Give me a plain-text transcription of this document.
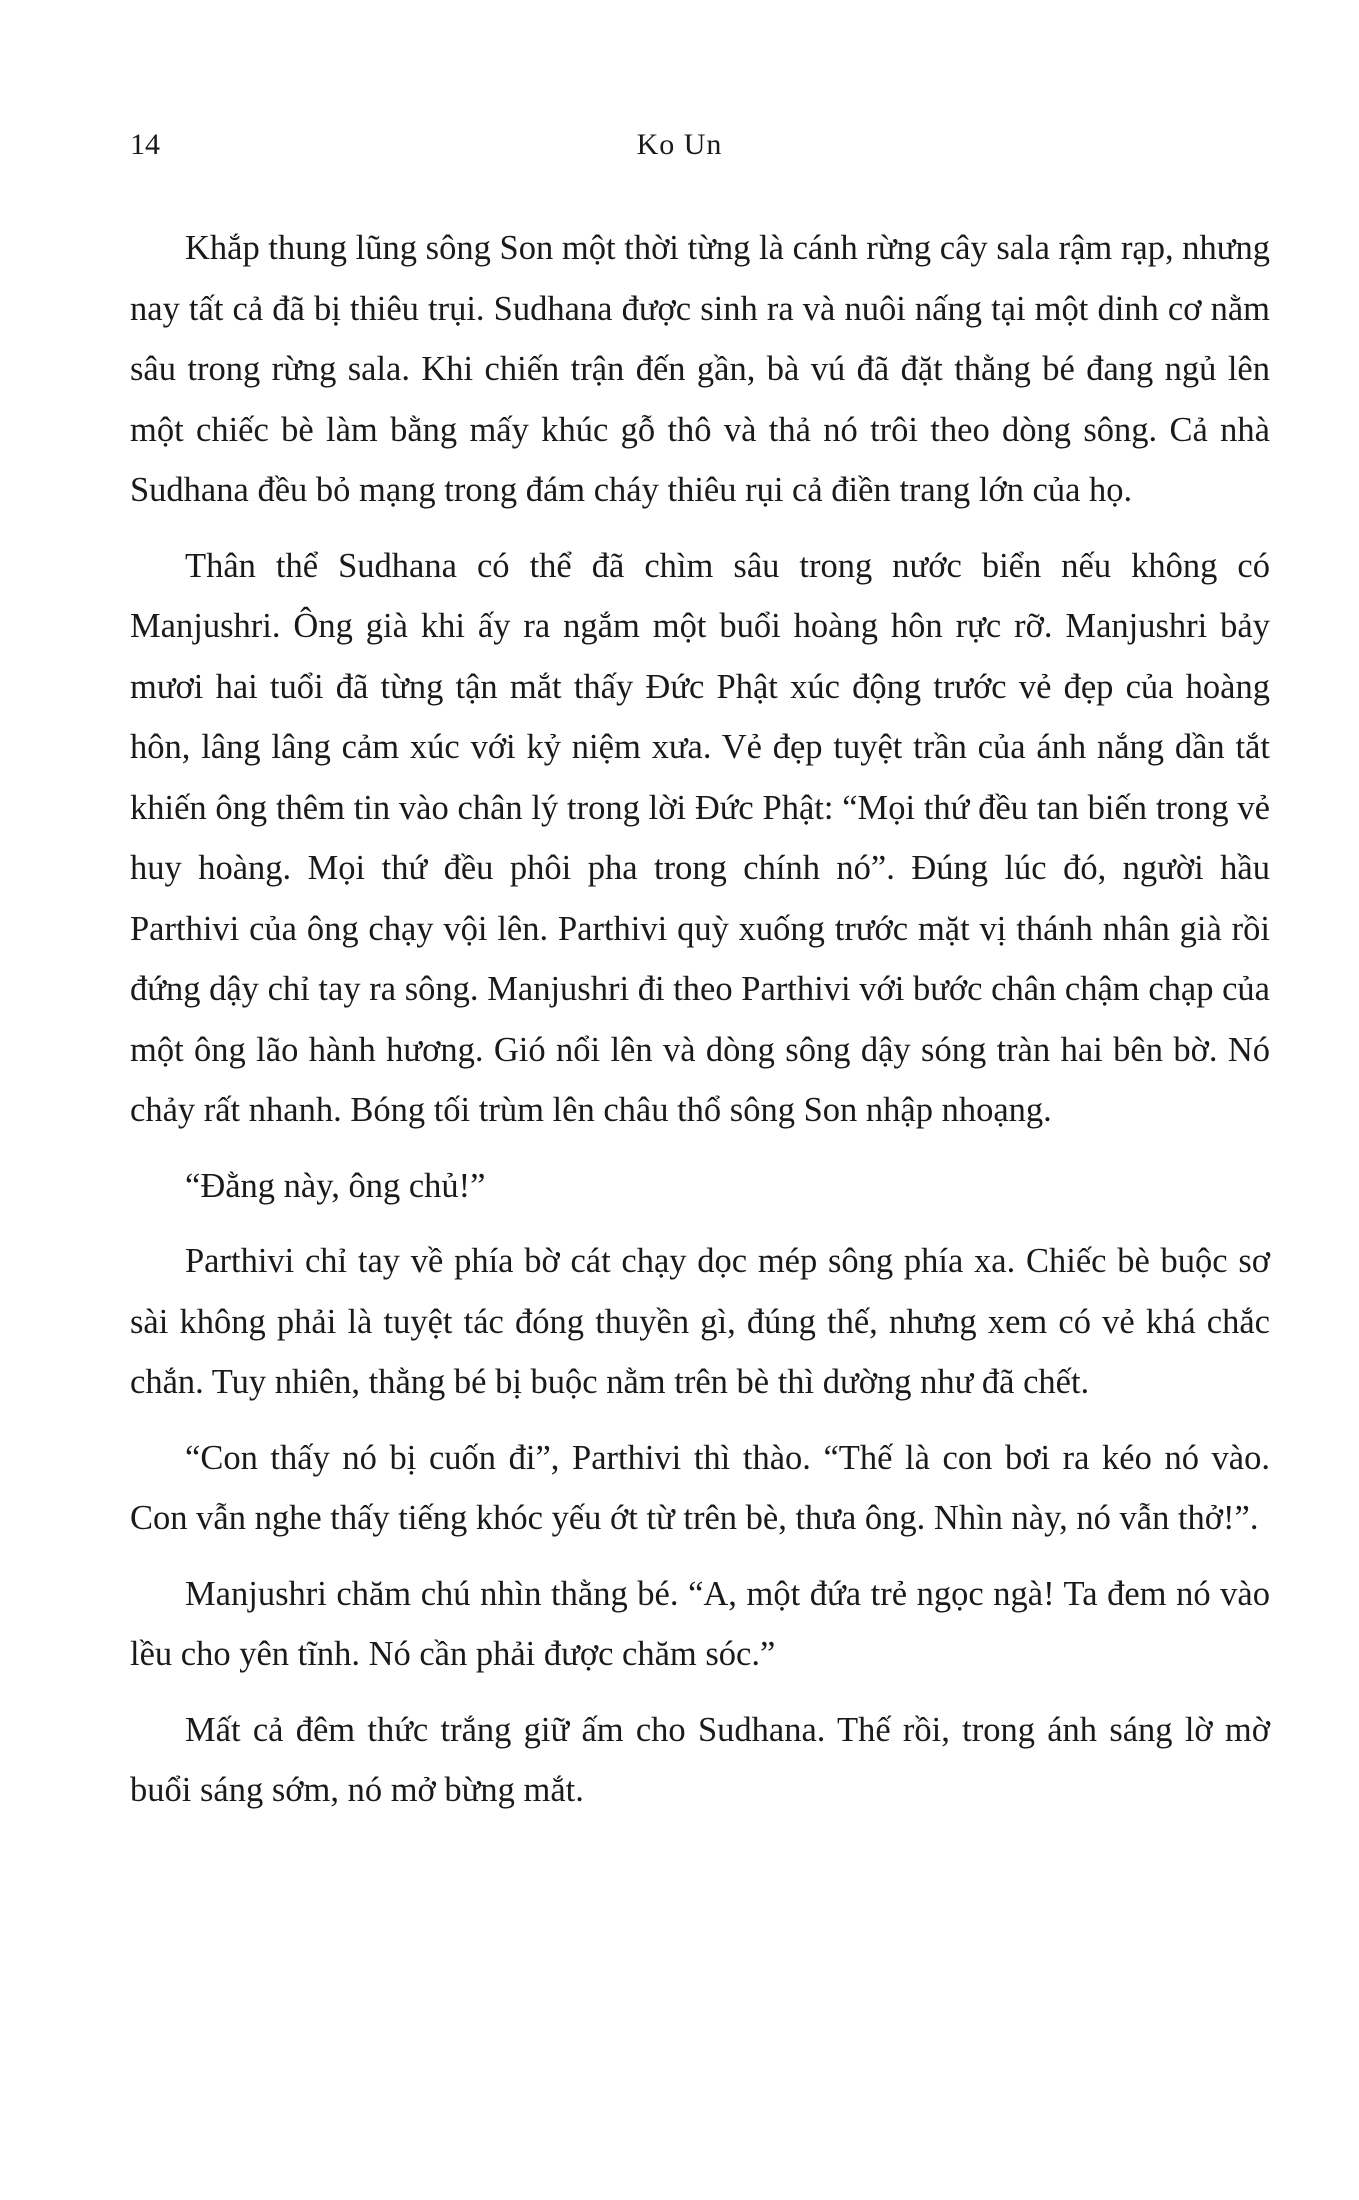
14	Ko Un

Khắp thung lũng sông Son một thời từng là cánh rừng cây sala rậm rạp, nhưng nay tất cả đã bị thiêu trụi. Sudhana được sinh ra và nuôi nấng tại một dinh cơ nằm sâu trong rừng sala. Khi chiến trận đến gần, bà vú đã đặt thằng bé đang ngủ lên một chiếc bè làm bằng mấy khúc gỗ thô và thả nó trôi theo dòng sông. Cả nhà Sudhana đều bỏ mạng trong đám cháy thiêu rụi cả điền trang lớn của họ.

Thân thể Sudhana có thể đã chìm sâu trong nước biển nếu không có Manjushri. Ông già khi ấy ra ngắm một buổi hoàng hôn rực rỡ. Manjushri bảy mươi hai tuổi đã từng tận mắt thấy Đức Phật xúc động trước vẻ đẹp của hoàng hôn, lâng lâng cảm xúc với kỷ niệm xưa. Vẻ đẹp tuyệt trần của ánh nắng dần tắt khiến ông thêm tin vào chân lý trong lời Đức Phật: “Mọi thứ đều tan biến trong vẻ huy hoàng. Mọi thứ đều phôi pha trong chính nó”. Đúng lúc đó, người hầu Parthivi của ông chạy vội lên. Parthivi quỳ xuống trước mặt vị thánh nhân già rồi đứng dậy chỉ tay ra sông. Manjushri đi theo Parthivi với bước chân chậm chạp của một ông lão hành hương. Gió nổi lên và dòng sông dậy sóng tràn hai bên bờ. Nó chảy rất nhanh. Bóng tối trùm lên châu thổ sông Son nhập nhoạng.

“Đằng này, ông chủ!”

Parthivi chỉ tay về phía bờ cát chạy dọc mép sông phía xa. Chiếc bè buộc sơ sài không phải là tuyệt tác đóng thuyền gì, đúng thế, nhưng xem có vẻ khá chắc chắn. Tuy nhiên, thằng bé bị buộc nằm trên bè thì dường như đã chết.

“Con thấy nó bị cuốn đi”, Parthivi thì thào. “Thế là con bơi ra kéo nó vào. Con vẫn nghe thấy tiếng khóc yếu ớt từ trên bè, thưa ông. Nhìn này, nó vẫn thở!”.

Manjushri chăm chú nhìn thằng bé. “A, một đứa trẻ ngọc ngà! Ta đem nó vào lều cho yên tĩnh. Nó cần phải được chăm sóc.”

Mất cả đêm thức trắng giữ ấm cho Sudhana. Thế rồi, trong ánh sáng lờ mờ buổi sáng sớm, nó mở bừng mắt.
